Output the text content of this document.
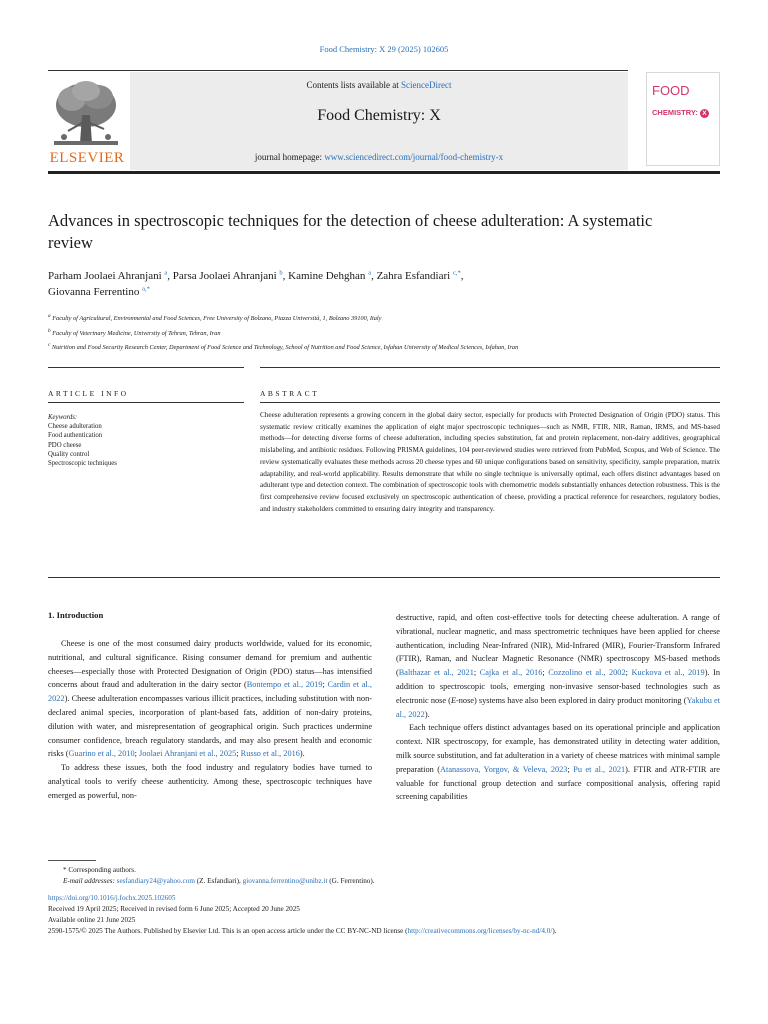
Food Chemistry: X 29 (2025) 102605
Contents lists available at ScienceDirect
Food Chemistry: X
journal homepage: www.sciencedirect.com/journal/food-chemistry-x
ELSEVIER
FOOD
CHEMISTRY: X
Advances in spectroscopic techniques for the detection of cheese adulteration: A systematic review
Parham Joolaei Ahranjani $^a$, Parsa Joolaei Ahranjani $^b$, Kamine Dehghan $^a$, Zahra Esfandiari $^{c,*}$,
Giovanna Ferrentino $^{a,*}$
$^a$ Faculty of Agricultural, Environmental and Food Sciences, Free University of Bolzano, Piazza Università, 1, Bolzano 39100, Italy
$^b$ Faculty of Veterinary Medicine, University of Tehran, Tehran, Iran
$^c$ Nutrition and Food Security Research Center, Department of Food Science and Technology, School of Nutrition and Food Science, Isfahan University of Medical Sciences, Isfahan, Iran
ARTICLE INFO	ABSTRACT
Keywords:
Cheese adulteration
Food authentication
PDO cheese
Quality control
Spectroscopic techniques
Cheese adulteration represents a growing concern in the global dairy sector, especially for products with Protected Designation of Origin (PDO) status. This systematic review critically examines the application of eight major spectroscopic techniques—such as NMR, FTIR, NIR, Raman, IRMS, and MS-based methods—for detecting diverse forms of cheese adulteration, including species substitution, fat and protein replacement, non-dairy additives, geographical mislabeling, and antibiotic residues. Following PRISMA guidelines, 104 peer-reviewed studies were retrieved from PubMed, Scopus, and Web of Science. The review systematically evaluates these methods across 20 cheese types and 60 unique configurations based on sensitivity, specificity, sample preparation, matrix adaptability, and real-world applicability. Results demonstrate that while no single technique is universally optimal, each offers distinct advantages based on adulterant type and detection context. The combination of spectroscopic tools with chemometric models substantially enhances detection robustness. This is the first comprehensive review focused exclusively on spectroscopic authentication of cheese, providing a practical reference for researchers, regulatory bodies, and industry stakeholders committed to ensuring dairy integrity and transparency.
1. Introduction

Cheese is one of the most consumed dairy products worldwide, valued for its economic, nutritional, and cultural significance. Rising consumer demand for premium and authentic cheeses—especially those with Protected Designation of Origin (PDO) status—has intensified concerns about fraud and adulteration in the dairy sector (Bontempo et al., 2019; Cardin et al., 2022). Cheese adulteration encompasses various illicit practices, including substitution with non-declared animal species, incorporation of plant-based fats, addition of non-dairy proteins, dilution with water, and misrepresentation of geographical origin. Such practices undermine consumer confidence, breach regulatory standards, and may also present health and economic risks (Guarino et al., 2010; Joolaei Ahranjani et al., 2025; Russo et al., 2016).

To address these issues, both the food industry and regulatory bodies have turned to analytical tools to verify cheese authenticity. Among these, spectroscopic techniques have emerged as powerful, non-

destructive, rapid, and often cost-effective tools for detecting cheese adulteration. A range of vibrational, nuclear magnetic, and mass spectrometric techniques have been applied for cheese authentication, including Near-Infrared (NIR), Mid-Infrared (MIR), Fourier-Transform Infrared (FTIR), Raman, and Nuclear Magnetic Resonance (NMR) spectroscopy MS-based methods (Balthazar et al., 2021; Cajka et al., 2016; Cozzolino et al., 2002; Kuckova et al., 2019). In addition to spectroscopic tools, emerging non-invasive sensor-based technologies such as electronic nose (E-nose) systems have also been explored in dairy product monitoring (Yakubu et al., 2022).

Each technique offers distinct advantages based on its operational principle and application context. NIR spectroscopy, for example, has demonstrated utility in detecting water addition, milk source substitution, and fat adulteration in a variety of cheese matrices with minimal sample preparation (Atanassova, Yorgov, & Veleva, 2023; Pu et al., 2021). FTIR and ATR-FTIR are valuable for functional group detection and surface compositional analysis, offering rapid screening capabilities

* Corresponding authors.
E-mail addresses: sesfandiary24@yahoo.com (Z. Esfandiari), giovanna.ferrentino@unibz.it (G. Ferrentino).
https://doi.org/10.1016/j.fochx.2025.102605
Received 19 April 2025; Received in revised form 6 June 2025; Accepted 20 June 2025
Available online 21 June 2025
2590-1575/© 2025 The Authors. Published by Elsevier Ltd. This is an open access article under the CC BY-NC-ND license (http://creativecommons.org/licenses/by-nc-nd/4.0/).
